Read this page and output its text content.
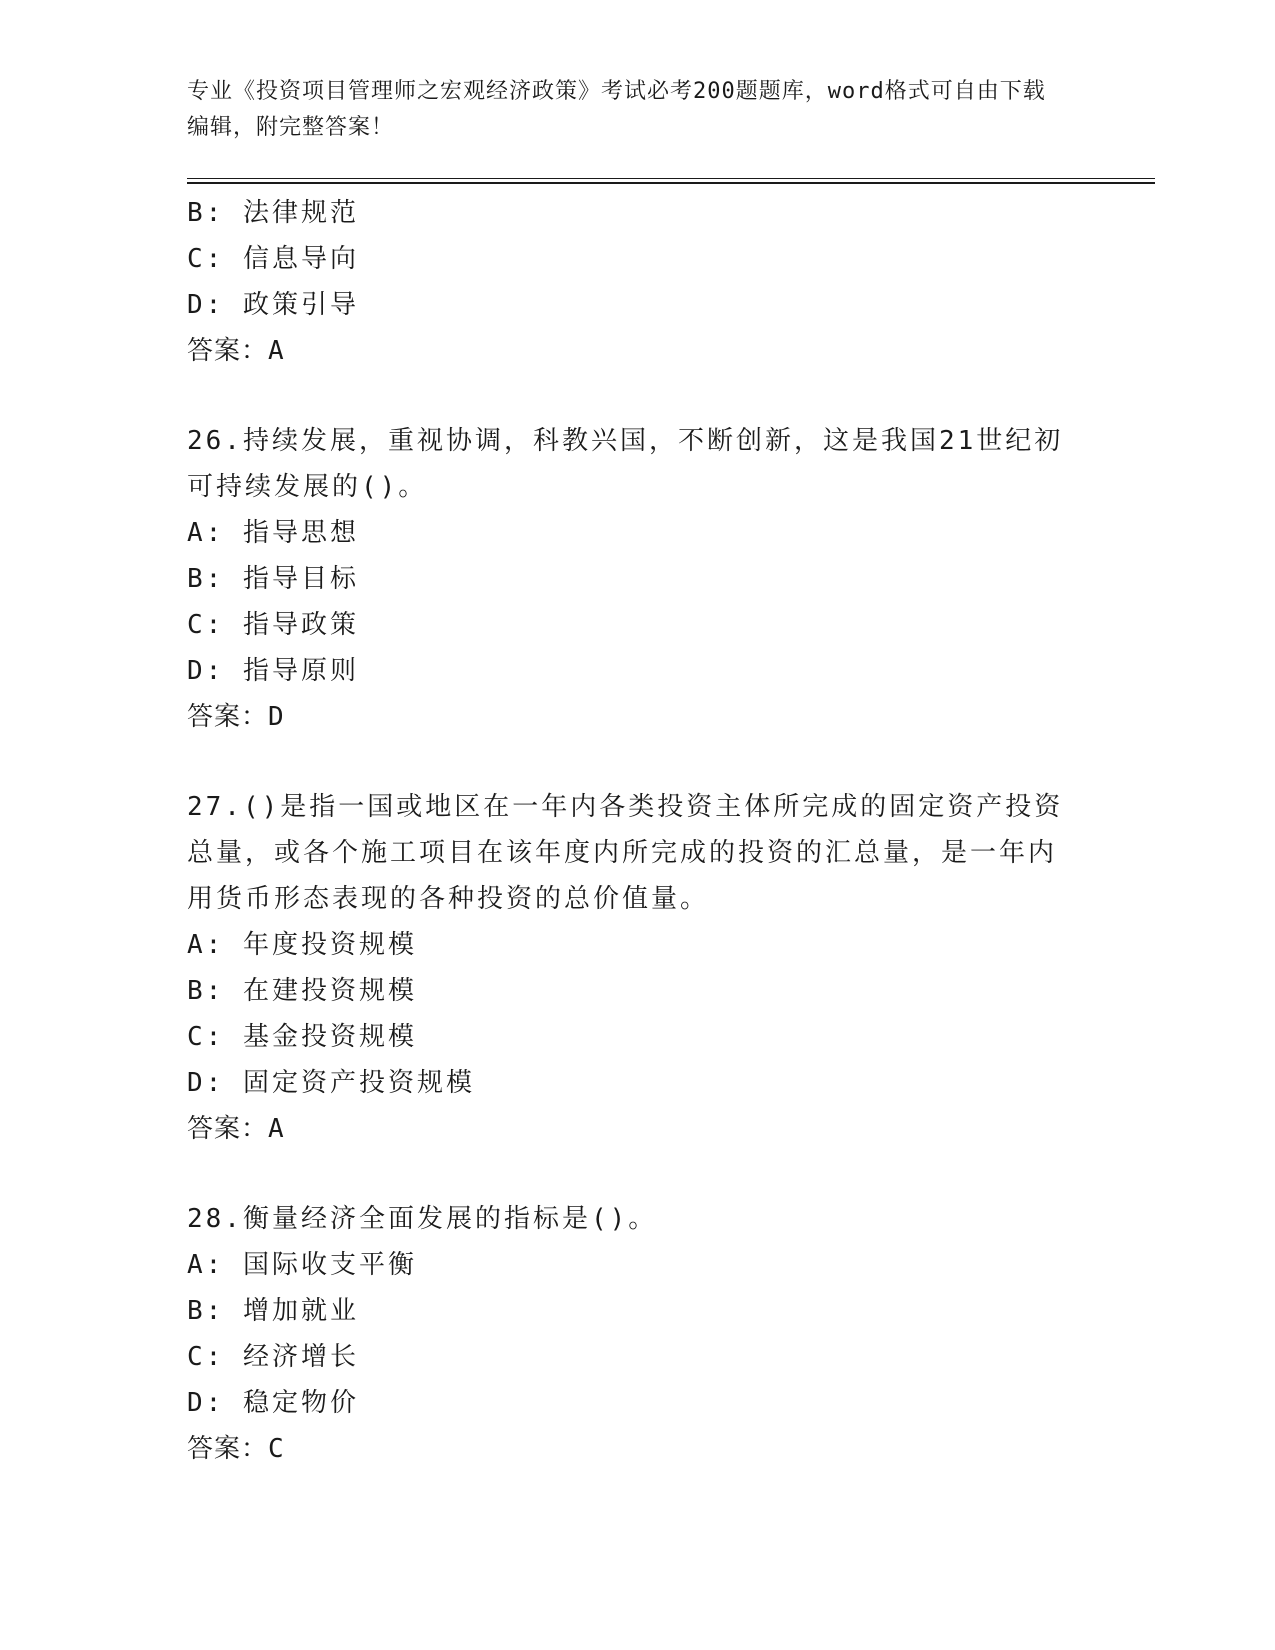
专业《投资项目管理师之宏观经济政策》考试必考200题题库，word格式可自由下载编辑，附完整答案！
B: 法律规范
C: 信息导向
D: 政策引导
答案：A
26.持续发展，重视协调，科教兴国，不断创新，这是我国21世纪初可持续发展的()。
A: 指导思想
B: 指导目标
C: 指导政策
D: 指导原则
答案：D
27.()是指一国或地区在一年内各类投资主体所完成的固定资产投资总量，或各个施工项目在该年度内所完成的投资的汇总量，是一年内用货币形态表现的各种投资的总价值量。
A: 年度投资规模
B: 在建投资规模
C: 基金投资规模
D: 固定资产投资规模
答案：A
28.衡量经济全面发展的指标是()。
A: 国际收支平衡
B: 增加就业
C: 经济增长
D: 稳定物价
答案：C
